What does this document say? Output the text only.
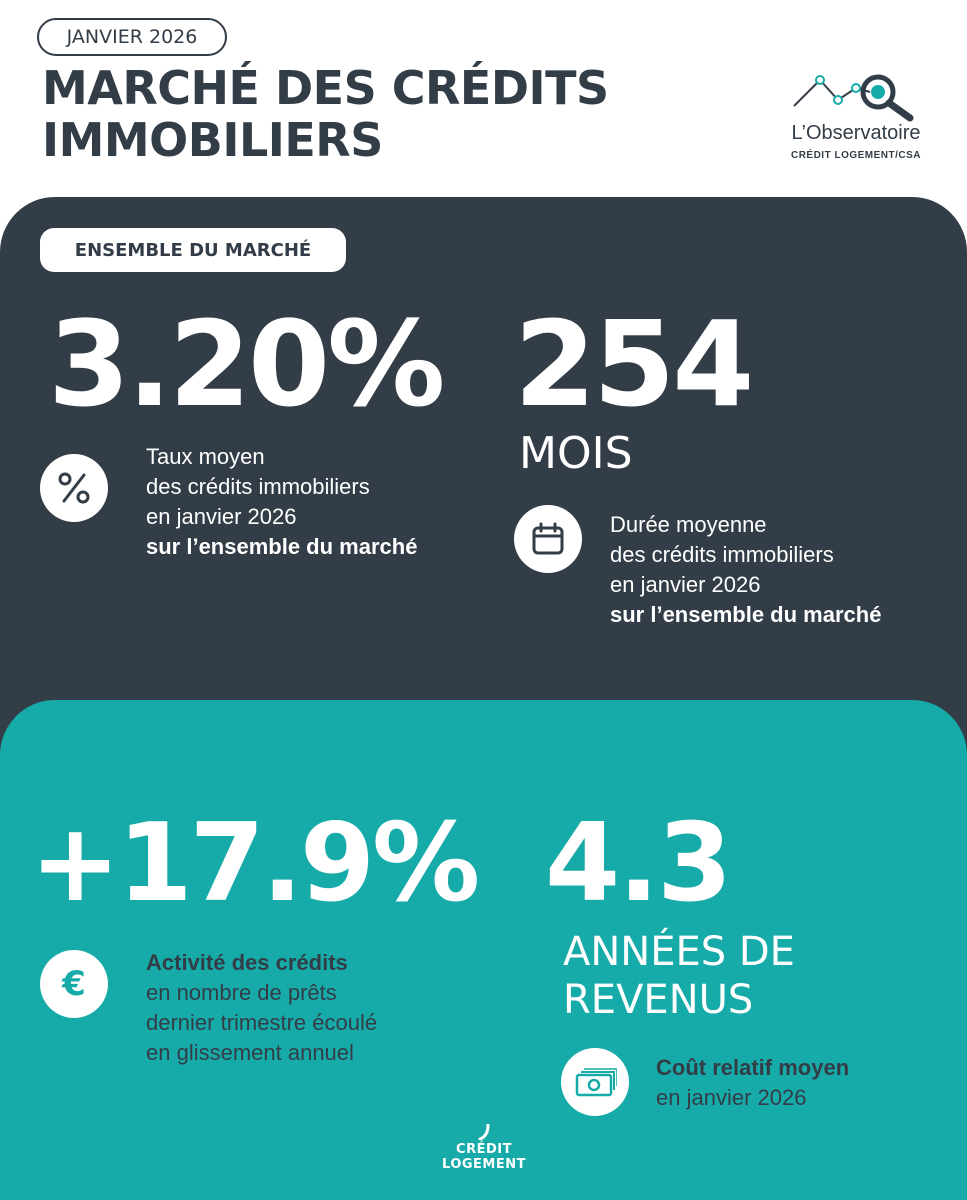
JANVIER 2026
MARCHÉ DES CRÉDITS
IMMOBILIERS	L’Observatoire
CRÉDIT LOGEMENT/CSA
ENSEMBLE DU MARCHÉ
3.20%
Taux moyen
des crédits immobiliers
en janvier 2026
sur l’ensemble du marché
254
MOIS
Durée moyenne
des crédits immobiliers
en janvier 2026
sur l’ensemble du marché
+17.9%
€
Activité des crédits
en nombre de prêts
dernier trimestre écoulé
en glissement annuel
4.3
ANNÉES DE
REVENUS
Coût relatif moyen
en janvier 2026
CRÉDIT
LOGEMENT
